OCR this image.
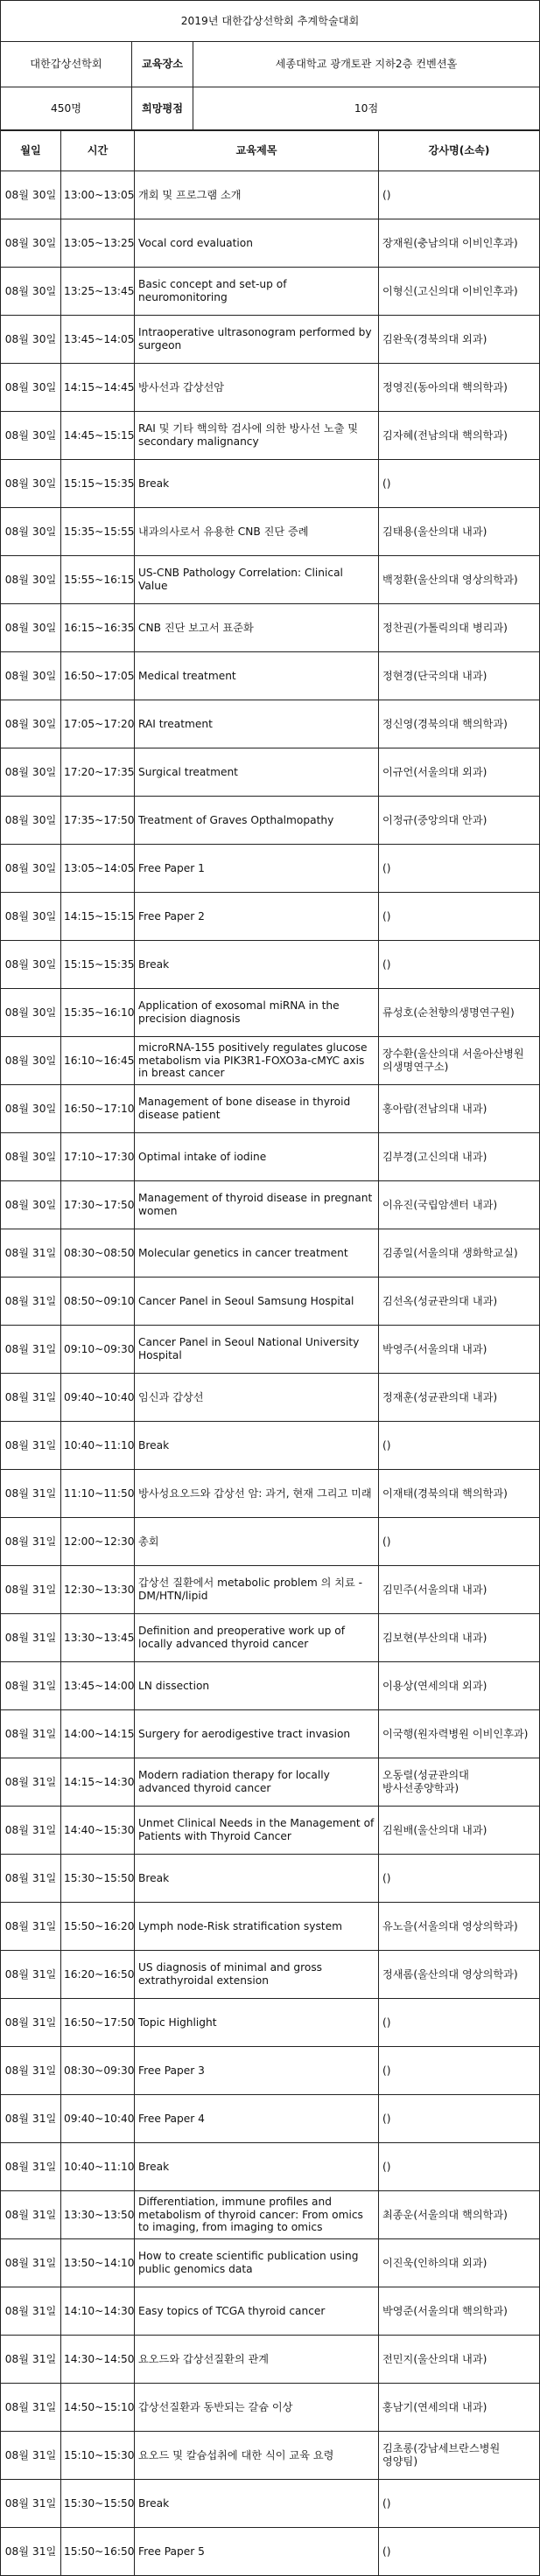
2019년 대한갑상선학회 추계학술대회		
대한갑상선학회	교육장소	세종대학교 광개토관 지하2층 컨벤션홀
450명	희망평점	10점
월일	시간	교육제목	강사명(소속)
08월 30일	13:00~13:05	개회 및 프로그램 소개	()
08월 30일	13:05~13:25	Vocal cord evaluation	장재원(충남의대 이비인후과)
08월 30일	13:25~13:45	Basic concept and set-up of neuromonitoring	이형신(고신의대 이비인후과)
08월 30일	13:45~14:05	Intraoperative ultrasonogram performed by surgeon	김완욱(경북의대 외과)
08월 30일	14:15~14:45	방사선과 갑상선암	정영진(동아의대 핵의학과)
08월 30일	14:45~15:15	RAI 및 기타 핵의학 검사에 의한 방사선 노출 및 secondary malignancy	김자혜(전남의대 핵의학과)
08월 30일	15:15~15:35	Break	()
08월 30일	15:35~15:55	내과의사로서 유용한 CNB 진단 증례	김태용(울산의대 내과)
08월 30일	15:55~16:15	US-CNB Pathology Correlation: Clinical Value	백정환(울산의대 영상의학과)
08월 30일	16:15~16:35	CNB 진단 보고서 표준화	정찬권(가톨릭의대 병리과)
08월 30일	16:50~17:05	Medical treatment	정현경(단국의대 내과)
08월 30일	17:05~17:20	RAI treatment	정신영(경북의대 핵의학과)
08월 30일	17:20~17:35	Surgical treatment	이규언(서울의대 외과)
08월 30일	17:35~17:50	Treatment of Graves Opthalmopathy	이정규(중앙의대 안과)
08월 30일	13:05~14:05	Free Paper 1	()
08월 30일	14:15~15:15	Free Paper 2	()
08월 30일	15:15~15:35	Break	()
08월 30일	15:35~16:10	Application of exosomal miRNA in the precision diagnosis	류성호(순천향의생명연구원)
08월 30일	16:10~16:45	microRNA-155 positively regulates glucose metabolism via PIK3R1-FOXO3a-cMYC axis in breast cancer	장수환(울산의대 서울아산병원 의생명연구소)
08월 30일	16:50~17:10	Management of bone disease in thyroid disease patient	홍아람(전남의대 내과)
08월 30일	17:10~17:30	Optimal intake of iodine	김부경(고신의대 내과)
08월 30일	17:30~17:50	Management of thyroid disease in pregnant women	이유진(국립암센터 내과)
08월 31일	08:30~08:50	Molecular genetics in cancer treatment	김종일(서울의대 생화학교실)
08월 31일	08:50~09:10	Cancer Panel in Seoul Samsung Hospital	김선옥(성균관의대 내과)
08월 31일	09:10~09:30	Cancer Panel in Seoul National University Hospital	박영주(서울의대 내과)
08월 31일	09:40~10:40	임신과 갑상선	정재훈(성균관의대 내과)
08월 31일	10:40~11:10	Break	()
08월 31일	11:10~11:50	방사성요오드와 갑상선 암: 과거, 현재 그리고 미래	이재태(경북의대 핵의학과)
08월 31일	12:00~12:30	총회	()
08월 31일	12:30~13:30	갑상선 질환에서 metabolic problem 의 치료 - DM/HTN/lipid	김민주(서울의대 내과)
08월 31일	13:30~13:45	Definition and preoperative work up of locally advanced thyroid cancer	김보현(부산의대 내과)
08월 31일	13:45~14:00	LN dissection	이용상(연세의대 외과)
08월 31일	14:00~14:15	Surgery for aerodigestive tract invasion	이국행(원자력병원 이비인후과)
08월 31일	14:15~14:30	Modern radiation therapy for locally advanced thyroid cancer	오동렬(성균관의대 방사선종양학과)
08월 31일	14:40~15:30	Unmet Clinical Needs in the Management of Patients with Thyroid Cancer	김원배(울산의대 내과)
08월 31일	15:30~15:50	Break	()
08월 31일	15:50~16:20	Lymph node-Risk stratification system	유노을(서울의대 영상의학과)
08월 31일	16:20~16:50	US diagnosis of minimal and gross extrathyroidal extension	정새롬(울산의대 영상의학과)
08월 31일	16:50~17:50	Topic Highlight	()
08월 31일	08:30~09:30	Free Paper 3	()
08월 31일	09:40~10:40	Free Paper 4	()
08월 31일	10:40~11:10	Break	()
08월 31일	13:30~13:50	Differentiation, immune profiles and metabolism of thyroid cancer: From omics to imaging, from imaging to omics	최종운(서울의대 핵의학과)
08월 31일	13:50~14:10	How to create scientific publication using public genomics data	이진욱(인하의대 외과)
08월 31일	14:10~14:30	Easy topics of TCGA thyroid cancer	박영준(서울의대 핵의학과)
08월 31일	14:30~14:50	요오드와 갑상선질환의 관계	전민지(울산의대 내과)
08월 31일	14:50~15:10	갑상선질환과 동반되는 갈슘 이상	홍남기(연세의대 내과)
08월 31일	15:10~15:30	요오드 및 칼슘섭취에 대한 식이 교육 요령	김초롱(강남세브란스병원 영양팀)
08월 31일	15:30~15:50	Break	()
08월 31일	15:50~16:50	Free Paper 5	()
